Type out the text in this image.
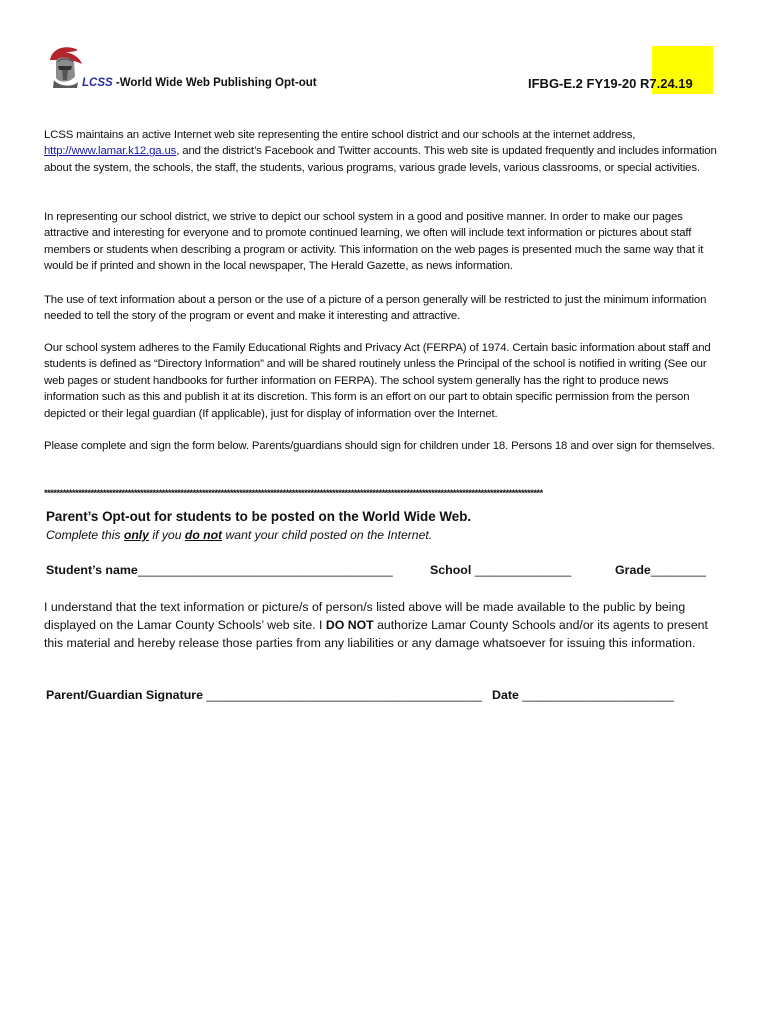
LCSS -World Wide Web Publishing Opt-out	IFBG-E.2 FY19-20 R7.24.19

LCSS maintains an active Internet web site representing the entire school district and our schools at the internet address,
http://www.lamar.k12.ga.us, and the district’s Facebook and Twitter accounts. This web site is updated frequently and includes information about the system, the schools, the staff, the students, various programs, various grade levels, various classrooms, or special activities.

In representing our school district, we strive to depict our school system in a good and positive manner. In order to make our pages attractive and interesting for everyone and to promote continued learning, we often will include text information or pictures about staff members or students when describing a program or activity. This information on the web pages is presented much the same way that it would be if printed and shown in the local newspaper, The Herald Gazette, as news information.

The use of text information about a person or the use of a picture of a person generally will be restricted to just the minimum information needed to tell the story of the program or event and make it interesting and attractive.

Our school system adheres to the Family Educational Rights and Privacy Act (FERPA) of 1974. Certain basic information about staff and students is defined as “Directory Information” and will be shared routinely unless the Principal of the school is notified in writing (See our web pages or student handbooks for further information on FERPA). The school system generally has the right to produce news information such as this and publish it at its discretion. This form is an effort on our part to obtain specific permission from the person depicted or their legal guardian (If applicable), just for display of information over the Internet.

Please complete and sign the form below. Parents/guardians should sign for children under 18. Persons 18 and over sign for themselves.

*****************************************************************************************************************************************************************
Parent’s Opt-out for students to be posted on the World Wide Web.
Complete this only if you do not want your child posted on the Internet.
Student’s name_____________________________________	School ______________	Grade________
I understand that the text information or picture/s of person/s listed above will be made available to the public by being displayed on the Lamar County Schools’ web site. I DO NOT authorize Lamar County Schools and/or its agents to present this material and hereby release those parties from any liabilities or any damage whatsoever for issuing this information.
Parent/Guardian Signature ________________________________________ Date ______________________
